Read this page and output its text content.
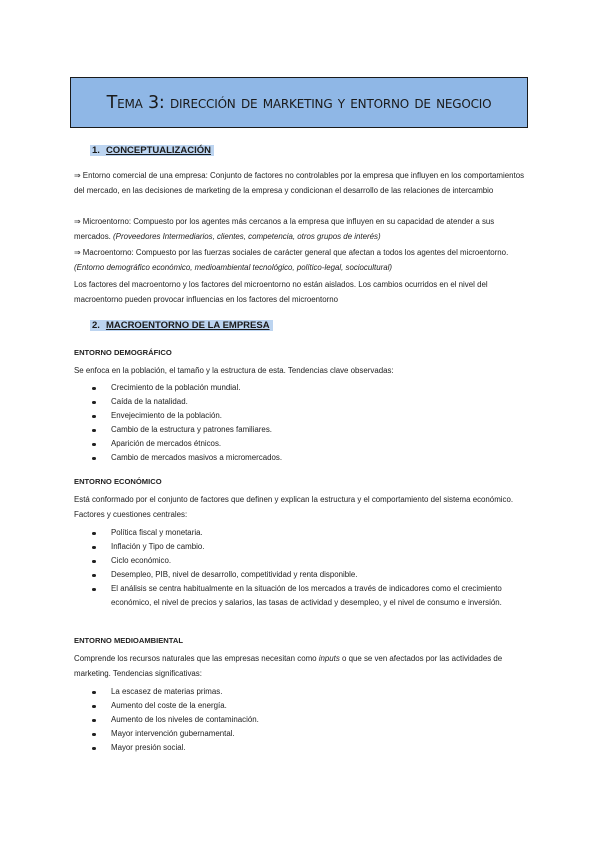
Tema 3: dirección de marketing y entorno de negocio
1. CONCEPTUALIZACIÓN
⇒ Entorno comercial de una empresa: Conjunto de factores no controlables por la empresa que influyen en los comportamientos del mercado, en las decisiones de marketing de la empresa y condicionan el desarrollo de las relaciones de intercambio
⇒ Microentorno: Compuesto por los agentes más cercanos a la empresa que influyen en su capacidad de atender a sus mercados. (Proveedores Intermediarios, clientes, competencia, otros grupos de interés)
⇒ Macroentorno: Compuesto por las fuerzas sociales de carácter general que afectan a todos los agentes del microentorno. (Entorno demográfico económico, medioambiental tecnológico, político-legal, sociocultural)
Los factores del macroentorno y los factores del microentorno no están aislados. Los cambios ocurridos en el nivel del macroentorno pueden provocar influencias en los factores del microentorno
2. MACROENTORNO DE LA EMPRESA
ENTORNO DEMOGRÁFICO
Se enfoca en la población, el tamaño y la estructura de esta. Tendencias clave observadas:
Crecimiento de la población mundial.
Caída de la natalidad.
Envejecimiento de la población.
Cambio de la estructura y patrones familiares.
Aparición de mercados étnicos.
Cambio de mercados masivos a micromercados.
ENTORNO ECONÓMICO
Está conformado por el conjunto de factores que definen y explican la estructura y el comportamiento del sistema económico. Factores y cuestiones centrales:
Política fiscal y monetaria.
Inflación y Tipo de cambio.
Ciclo económico.
Desempleo, PIB, nivel de desarrollo, competitividad y renta disponible.
El análisis se centra habitualmente en la situación de los mercados a través de indicadores como el crecimiento económico, el nivel de precios y salarios, las tasas de actividad y desempleo, y el nivel de consumo e inversión.
ENTORNO MEDIOAMBIENTAL
Comprende los recursos naturales que las empresas necesitan como inputs o que se ven afectados por las actividades de marketing. Tendencias significativas:
La escasez de materias primas.
Aumento del coste de la energía.
Aumento de los niveles de contaminación.
Mayor intervención gubernamental.
Mayor presión social.
